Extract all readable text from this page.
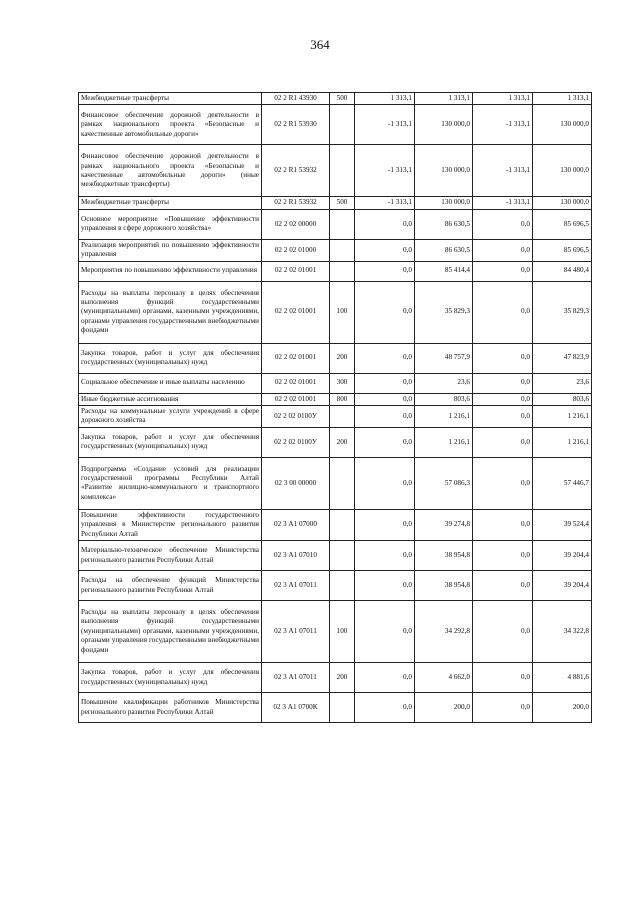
364
Межбюджетные трансферты	02 2 R1 43930	500	1 313,1	1 313,1	1 313,1	1 313,1
Финансовое обеспечение дорожной деятельности в рамках национального проекта «Безопасные и качественные автомобильные дороги»	02 2 R1 53930		-1 313,1	130 000,0	-1 313,1	130 000,0
Финансовое обеспечение дорожной деятельности в рамках национального проекта «Безопасные и качественные автомобильные дороги» (иные межбюджетные трансферты)	02 2 R1 53932		-1 313,1	130 000,0	-1 313,1	130 000,0
Межбюджетные трансферты	02 2 R1 53932	500	-1 313,1	130 000,0	-1 313,1	130 000,0
Основное мероприятие «Повышение эффективности управления в сфере дорожного хозяйства»	02 2 02 00000		0,0	86 630,5	0,0	85 696,5
Реализация мероприятий по повышению эффективности управления	02 2 02 01000		0,0	86 630,5	0,0	85 696,5
Мероприятия по повышению эффективности управления	02 2 02 01001		0,0	85 414,4	0,0	84 480,4
Расходы на выплаты персоналу в целях обеспечения выполнения функций государственными (муниципальными) органами, казенными учреждениями, органами управления государственными внебюджетными фондами	02 2 02 01001	100	0,0	35 829,3	0,0	35 829,3
Закупка товаров, работ и услуг для обеспечения государственных (муниципальных) нужд	02 2 02 01001	200	0,0	48 757,9	0,0	47 823,9
Социальное обеспечение и иные выплаты населению	02 2 02 01001	300	0,0	23,6	0,0	23,6
Иные бюджетные ассигнования	02 2 02 01001	800	0,0	803,6	0,0	803,6
Расходы на коммунальные услуги учреждений в сфере дорожного хозяйства	02 2 02 0100У		0,0	1 216,1	0,0	1 216,1
Закупка товаров, работ и услуг для обеспечения государственных (муниципальных) нужд	02 2 02 0100У	200	0,0	1 216,1	0,0	1 216,1
Подпрограмма «Создание условий для реализации государственной программы Республики Алтай «Развитие жилищно-коммунального и транспортного комплекса»	02 3 00 00000		0,0	57 086,3	0,0	57 446,7
Повышение эффективности государственного управления в Министерстве регионального развития Республики Алтай	02 3 А1 07000		0,0	39 274,8	0,0	39 524,4
Материально-техническое обеспечение Министерства регионального развития Республики Алтай	02 3 А1 07010		0,0	38 954,8	0,0	39 204,4
Расходы на обеспечение функций Министерства регионального развития Республики Алтай	02 3 А1 07011		0,0	38 954,8	0,0	39 204,4
Расходы на выплаты персоналу в целях обеспечения выполнения функций государственными (муниципальными) органами, казенными учреждениями, органами управления государственными внебюджетными фондами	02 3 А1 07011	100	0,0	34 292,8	0,0	34 322,8
Закупка товаров, работ и услуг для обеспечения государственных (муниципальных) нужд	02 3 А1 07011	200	0,0	4 662,0	0,0	4 881,6
Повышение квалификации работников Министерства регионального развития Республики Алтай	02 3 А1 0700К		0,0	200,0	0,0	200,0
